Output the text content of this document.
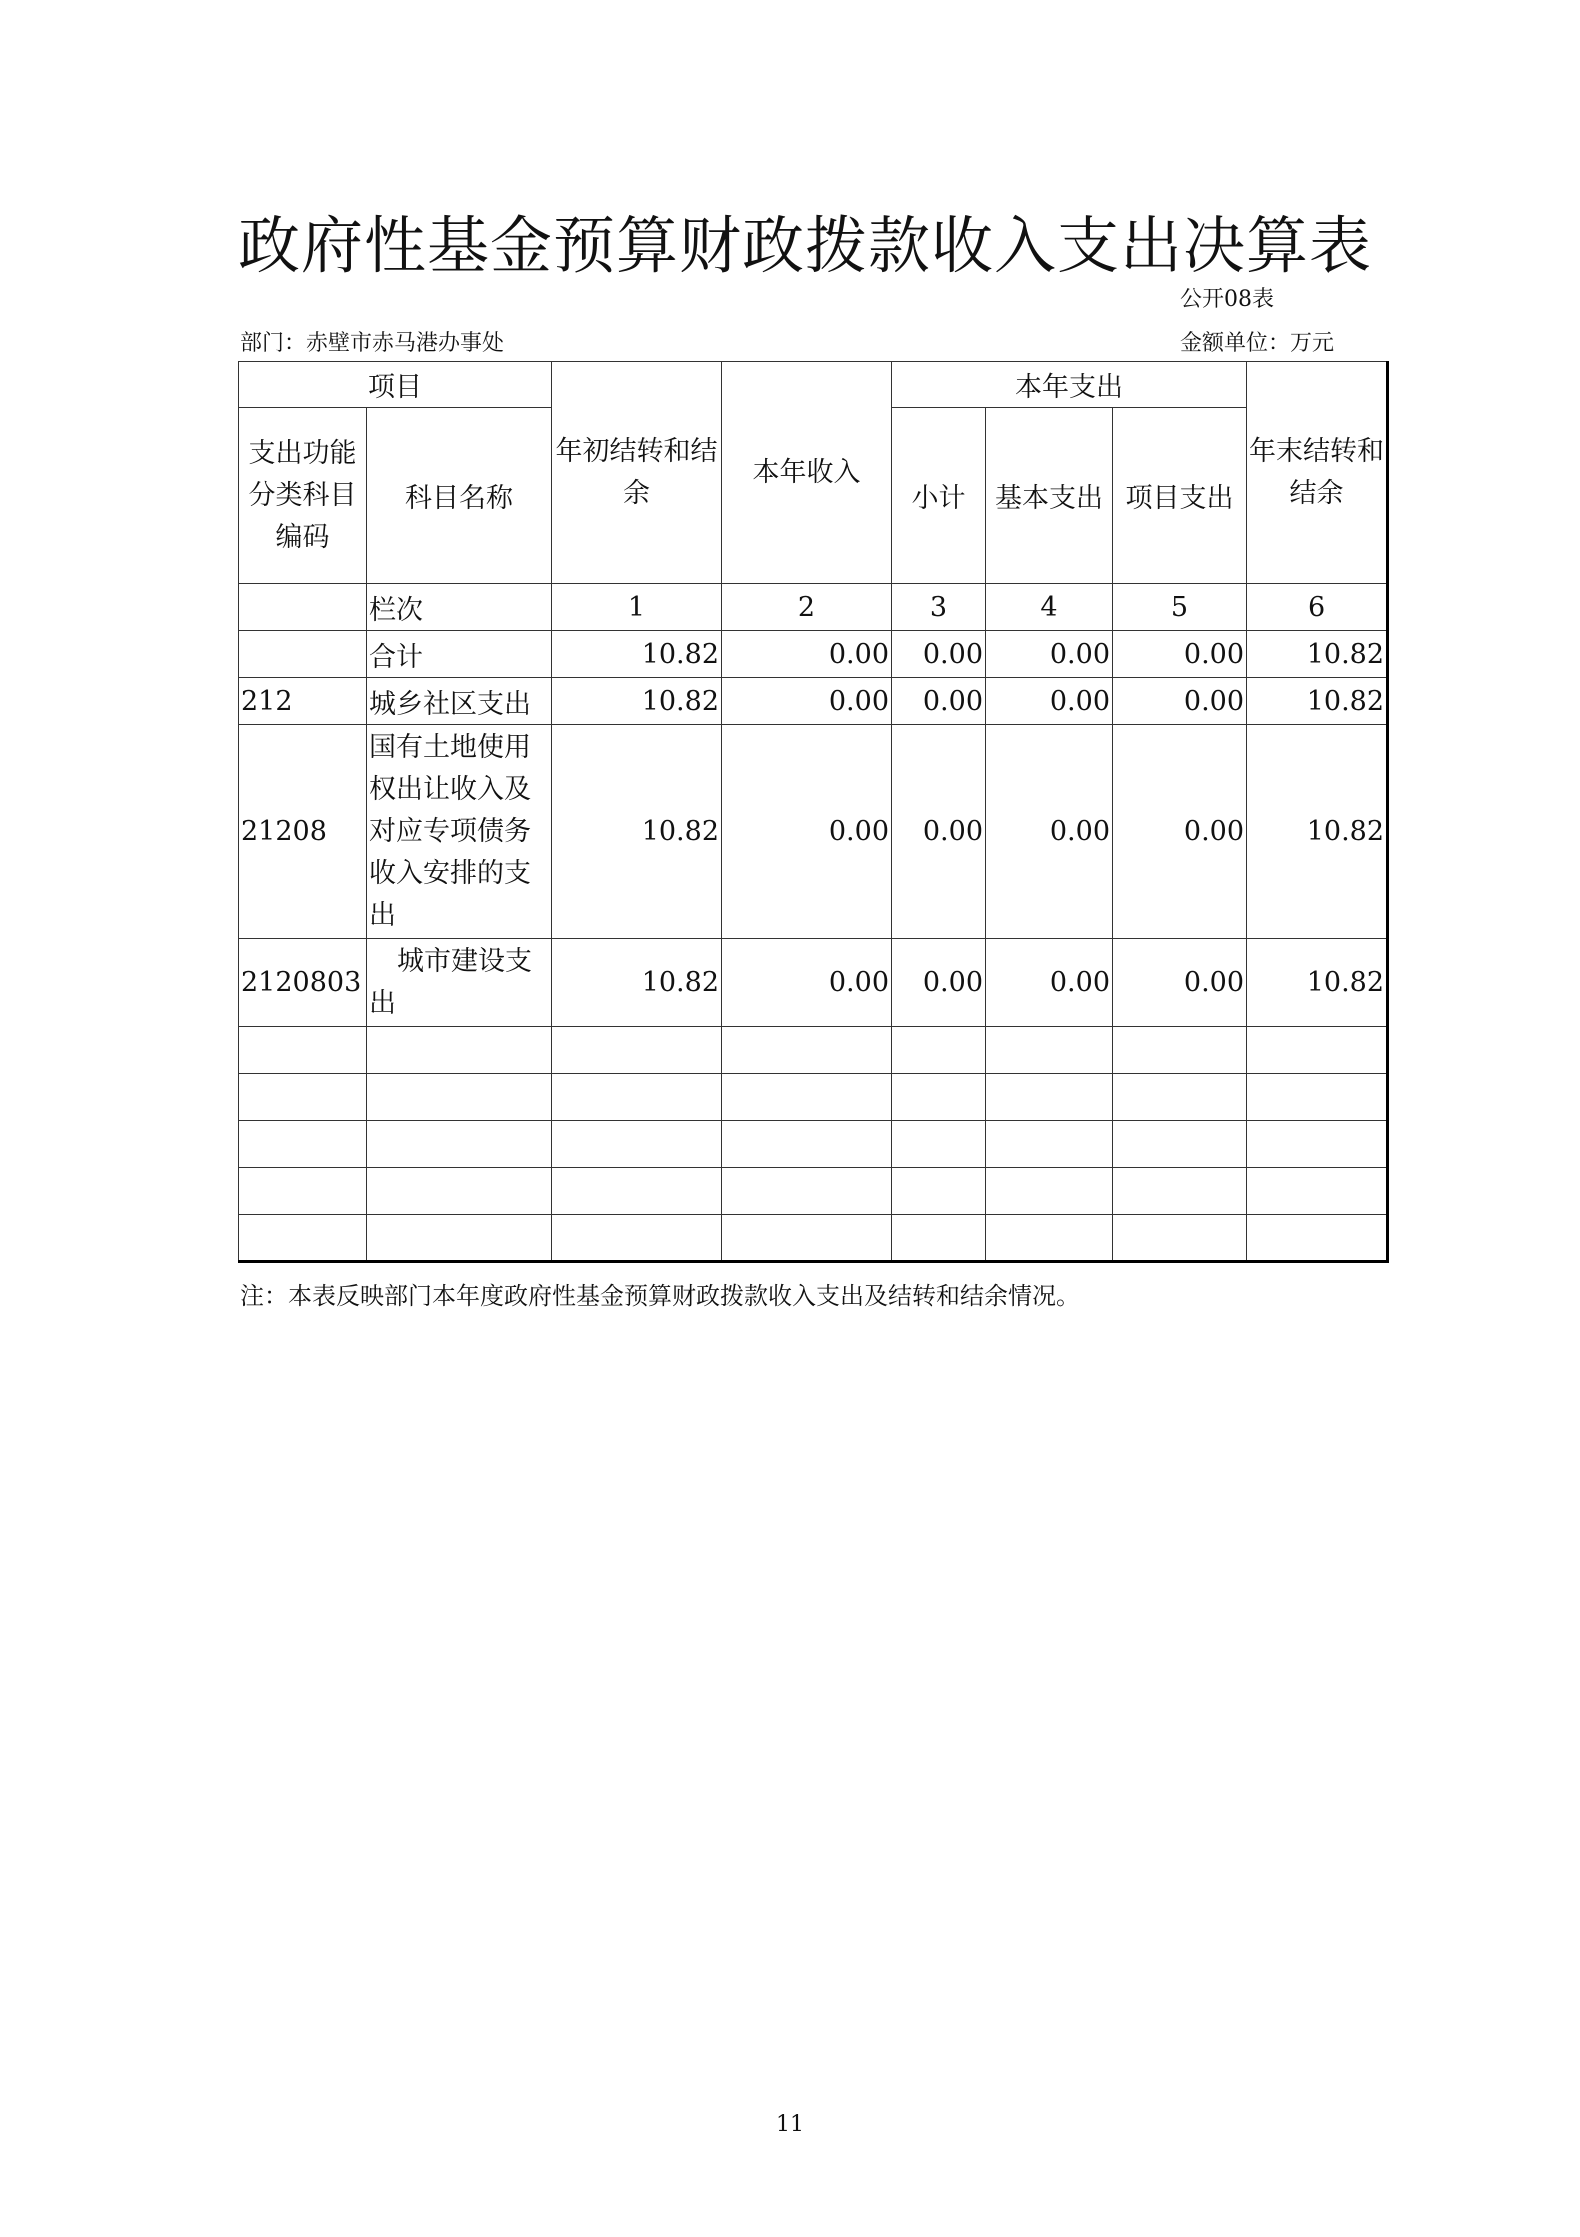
政府性基金预算财政拨款收入支出决算表
公开08表
部门：赤壁市赤马港办事处	金额单位：万元
项目		年初结转和结余	本年收入	本年支出			年末结转和结余
支出功能分类科目编码	科目名称			小计	基本支出	项目支出	
	栏次	1	2	3	4	5	6
	合计	10.82	0.00	0.00	0.00	0.00	10.82
212	城乡社区支出	10.82	0.00	0.00	0.00	0.00	10.82
21208	国有土地使用权出让收入及对应专项债务收入安排的支出	10.82	0.00	0.00	0.00	0.00	10.82
2120803	城市建设支出	10.82	0.00	0.00	0.00	0.00	10.82

注：本表反映部门本年度政府性基金预算财政拨款收入支出及结转和结余情况。
11
